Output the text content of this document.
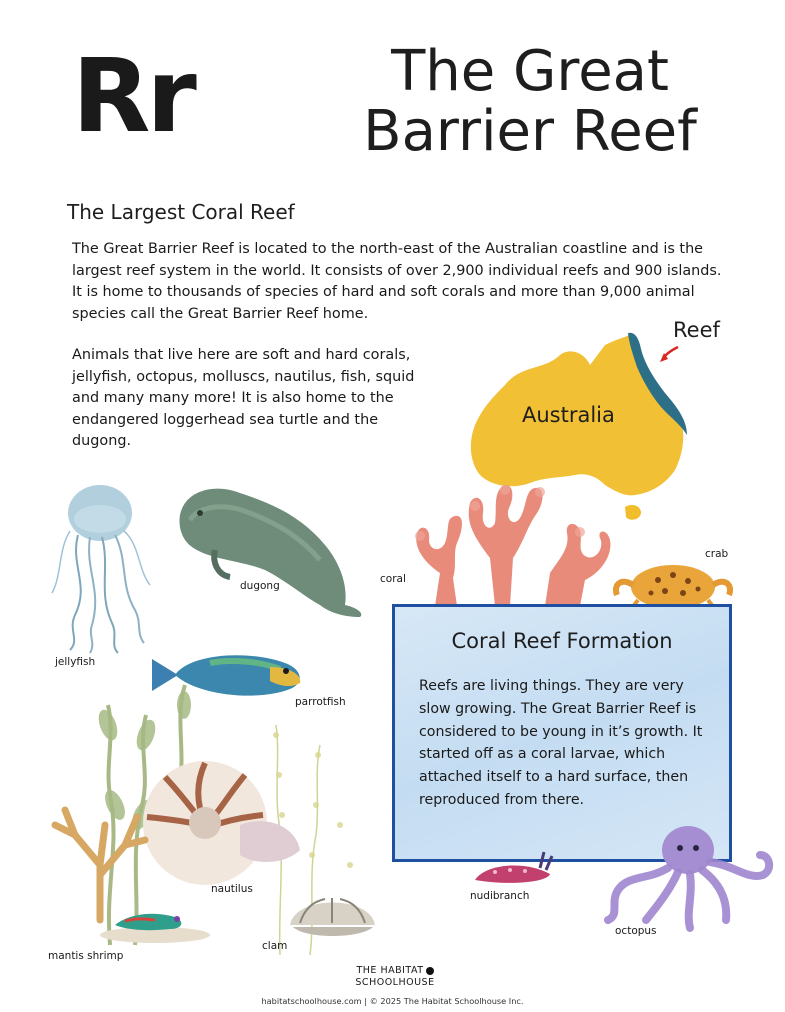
Rr	The Great
Barrier Reef
The Largest Coral Reef
The Great Barrier Reef is located to the north-east of the Australian coastline and is the largest reef system in the world. It consists of over 2,900 individual reefs and 900 islands. It is home to thousands of species of hard and soft corals and more than 9,000 animal species call the Great Barrier Reef home.
Animals that live here are soft and hard corals, jellyfish, octopus, molluscs, nautilus, fish, squid and many many more! It is also home to the endangered loggerhead sea turtle and the dugong.
Australia
Reef
jellyfish
dugong
coral
crab
parrotfish
nautilus
mantis shrimp
clam
Coral Reef Formation
Reefs are living things. They are very slow growing. The Great Barrier Reef is considered to be young in it’s growth. It started off as a coral larvae, which attached itself to a hard surface, then reproduced from there.
nudibranch
octopus
THE HABITAT
SCHOOLHOUSE
habitatschoolhouse.com | © 2025 The Habitat Schoolhouse Inc.
